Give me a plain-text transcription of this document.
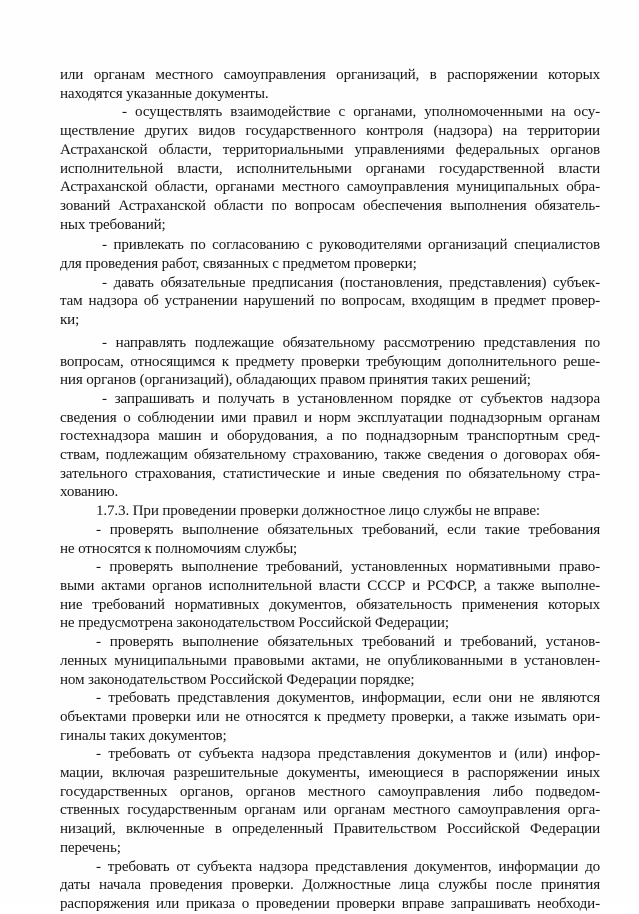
или органам местного самоуправления организаций, в распоряжении которых
находятся указанные документы.
- осуществлять взаимодействие с органами, уполномоченными на осу-
ществление других видов государственного контроля (надзора) на территории
Астраханской области, территориальными управлениями федеральных органов
исполнительной власти, исполнительными органами государственной власти
Астраханской области, органами местного самоуправления муниципальных обра-
зований Астраханской области по вопросам обеспечения выполнения обязатель-
ных требований;
- привлекать по согласованию с руководителями организаций специалистов
для проведения работ, связанных с предметом проверки;
- давать обязательные предписания (постановления, представления) субъек-
там надзора об устранении нарушений по вопросам, входящим в предмет провер-
ки;
- направлять подлежащие обязательному рассмотрению представления по
вопросам, относящимся к предмету проверки требующим дополнительного реше-
ния органов (организаций), обладающих правом принятия таких решений;
- запрашивать и получать в установленном порядке от субъектов надзора
сведения о соблюдении ими правил и норм эксплуатации поднадзорным органам
гостехнадзора машин и оборудования, а по поднадзорным транспортным сред-
ствам, подлежащим обязательному страхованию, также сведения о договорах обя-
зательного страхования, статистические и иные сведения по обязательному стра-
хованию.
1.7.3. При проведении проверки должностное лицо службы не вправе:
- проверять выполнение обязательных требований, если такие требования
не относятся к полномочиям службы;
- проверять выполнение требований, установленных нормативными право-
выми актами органов исполнительной власти СССР и РСФСР, а также выполне-
ние требований нормативных документов, обязательность применения которых
не предусмотрена законодательством Российской Федерации;
- проверять выполнение обязательных требований и требований, установ-
ленных муниципальными правовыми актами, не опубликованными в установлен-
ном законодательством Российской Федерации порядке;
- требовать представления документов, информации, если они не являются
объектами проверки или не относятся к предмету проверки, а также изымать ори-
гиналы таких документов;
- требовать от субъекта надзора представления документов и (или) инфор-
мации, включая разрешительные документы, имеющиеся в распоряжении иных
государственных органов, органов местного самоуправления либо подведом-
ственных государственным органам или органам местного самоуправления орга-
низаций, включенные в определенный Правительством Российской Федерации
перечень;
- требовать от субъекта надзора представления документов, информации до
даты начала проведения проверки. Должностные лица службы после принятия
распоряжения или приказа о проведении проверки вправе запрашивать необходи-
